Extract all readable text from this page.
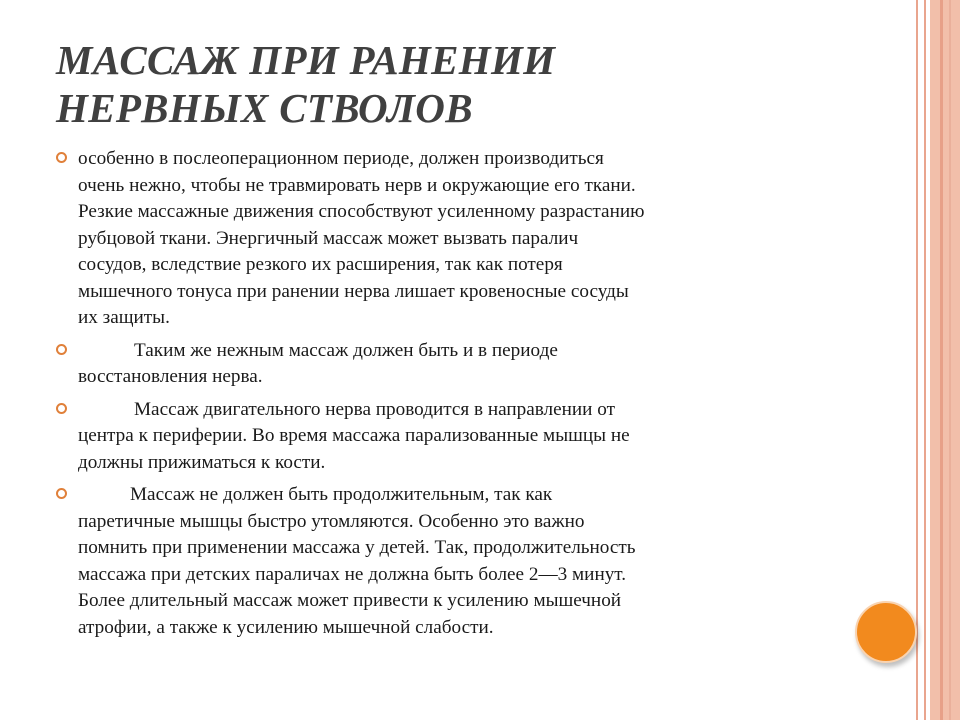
МАССАЖ ПРИ РАНЕНИИ
НЕРВНЫХ СТВОЛОВ
особенно в послеоперационном периоде, должен производиться
очень нежно, чтобы не травмировать нерв и окружающие его ткани.
Резкие массажные движения способствуют усиленному разрастанию
рубцовой ткани. Энергичный массаж может вызвать паралич
сосудов, вследствие резкого их расширения, так как потеря
мышечного тонуса при ранении нерва лишает кровеносные сосуды
их защиты.
Таким же нежным массаж должен быть и в периоде
восстановления нерва.
Массаж двигательного нерва проводится в направлении от
центра к периферии. Во время массажа парализованные мышцы не
должны прижиматься к кости.
Массаж не должен быть продолжительным, так как
паретичные мышцы быстро утомляются. Особенно это важно
помнить при применении массажа у детей. Так, продолжительность
массажа при детских параличах не должна быть более 2—3 минут.
Более длительный массаж может привести к усилению мышечной
атрофии, а также к усилению мышечной слабости.
